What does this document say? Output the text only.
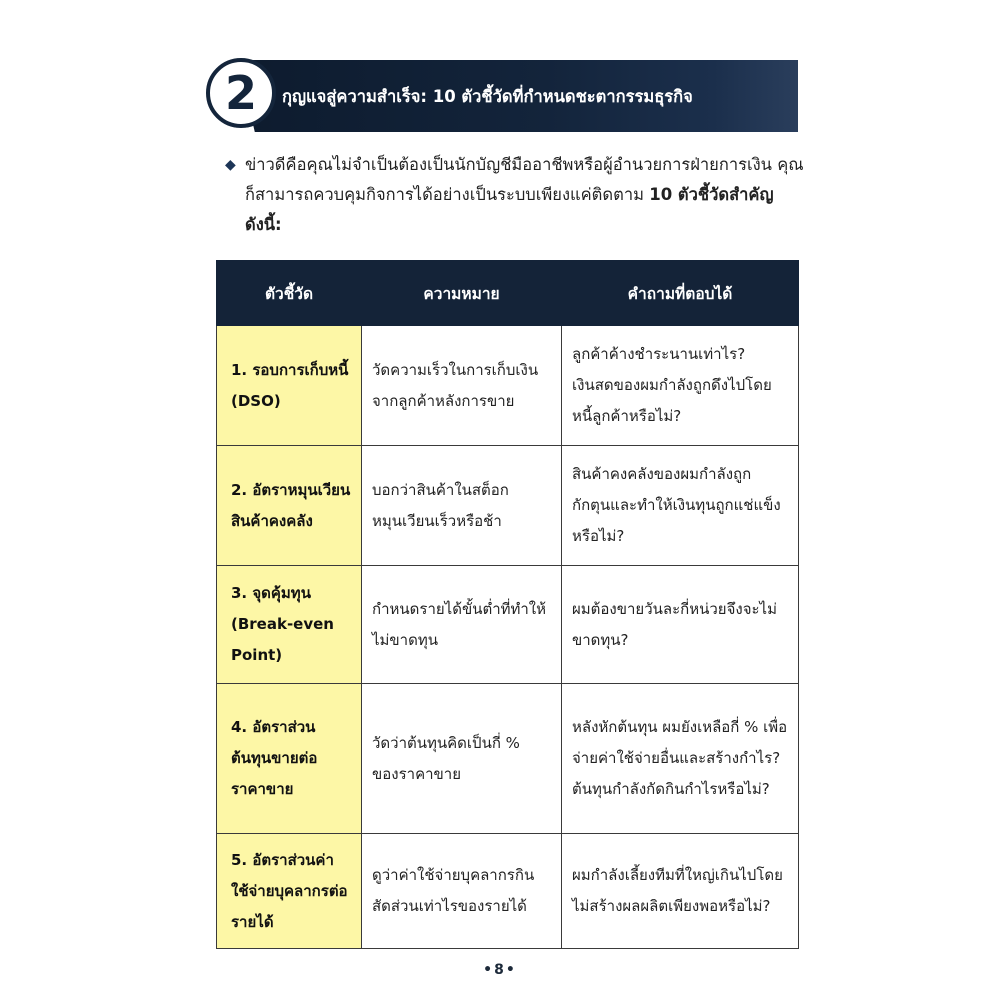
2	กุญแจสู่ความสำเร็จ: 10 ตัวชี้วัดที่กำหนดชะตากรรมธุรกิจ
◆ ข่าวดีคือคุณไม่จำเป็นต้องเป็นนักบัญชีมืออาชีพหรือผู้อำนวยการฝ่ายการเงิน คุณก็สามารถควบคุมกิจการได้อย่างเป็นระบบเพียงแค่ติดตาม 10 ตัวชี้วัดสำคัญดังนี้:
ตัวชี้วัด	ความหมาย	คำถามที่ตอบได้
1. รอบการเก็บหนี้ (DSO)	วัดความเร็วในการเก็บเงินจากลูกค้าหลังการขาย	ลูกค้าค้างชำระนานเท่าไร? เงินสดของผมกำลังถูกดึงไปโดยหนี้ลูกค้าหรือไม่?
2. อัตราหมุนเวียนสินค้าคงคลัง	บอกว่าสินค้าในสต็อกหมุนเวียนเร็วหรือช้า	สินค้าคงคลังของผมกำลังถูกกักตุนและทำให้เงินทุนถูกแช่แข็งหรือไม่?
3. จุดคุ้มทุน (Break-even Point)	กำหนดรายได้ขั้นต่ำที่ทำให้ไม่ขาดทุน	ผมต้องขายวันละกี่หน่วยจึงจะไม่ขาดทุน?
4. อัตราส่วนต้นทุนขายต่อราคาขาย	วัดว่าต้นทุนคิดเป็นกี่ % ของราคาขาย	หลังหักต้นทุน ผมยังเหลือกี่ % เพื่อจ่ายค่าใช้จ่ายอื่นและสร้างกำไร? ต้นทุนกำลังกัดกินกำไรหรือไม่?
5. อัตราส่วนค่าใช้จ่ายบุคลากรต่อรายได้	ดูว่าค่าใช้จ่ายบุคลากรกินสัดส่วนเท่าไรของรายได้	ผมกำลังเลี้ยงทีมที่ใหญ่เกินไปโดยไม่สร้างผลผลิตเพียงพอหรือไม่?
•8•
